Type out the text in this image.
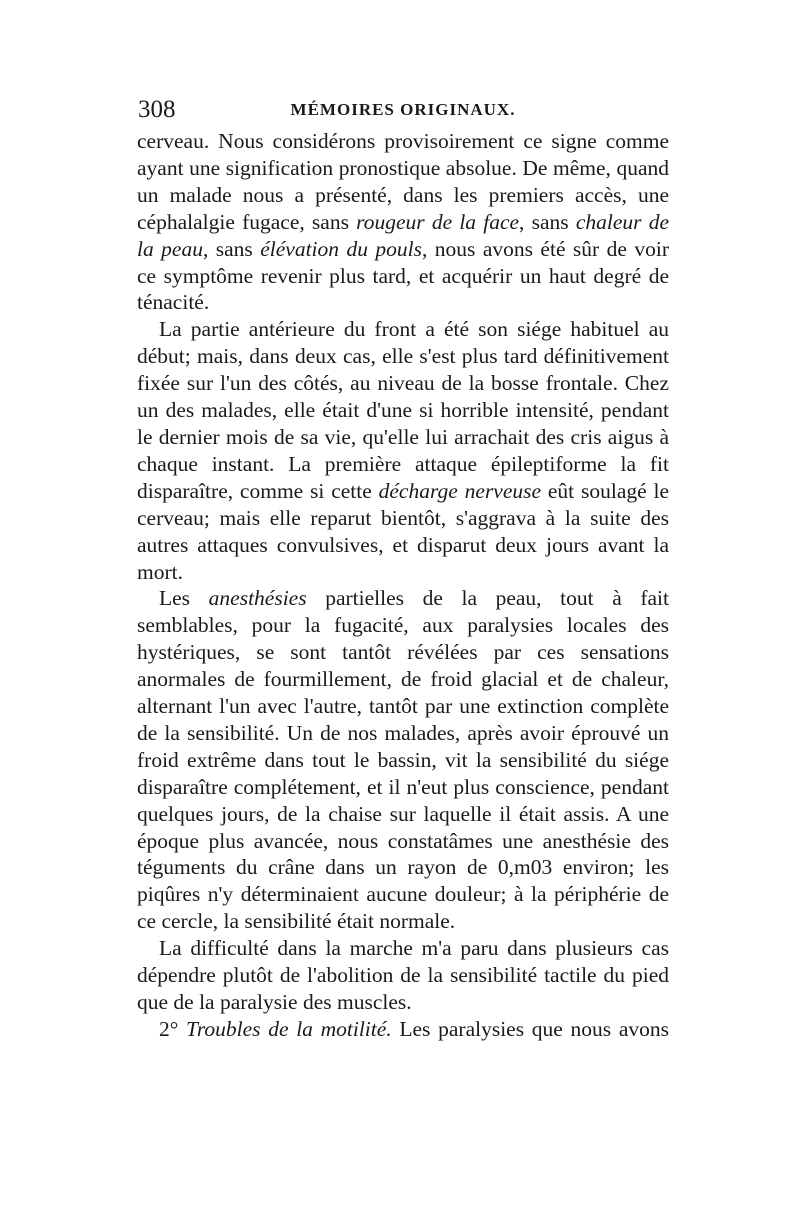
308	MÉMOIRES ORIGINAUX.

cerveau. Nous considérons provisoirement ce signe comme ayant une signification pronostique absolue. De même, quand un malade nous a présenté, dans les premiers accès, une céphalalgie fugace, sans rougeur de la face, sans chaleur de la peau, sans élévation du pouls, nous avons été sûr de voir ce symptôme revenir plus tard, et acquérir un haut degré de ténacité.

La partie antérieure du front a été son siége habituel au début; mais, dans deux cas, elle s'est plus tard définitivement fixée sur l'un des côtés, au niveau de la bosse frontale. Chez un des malades, elle était d'une si horrible intensité, pendant le dernier mois de sa vie, qu'elle lui arrachait des cris aigus à chaque instant. La première attaque épileptiforme la fit disparaître, comme si cette décharge nerveuse eût soulagé le cerveau; mais elle reparut bientôt, s'aggrava à la suite des autres attaques convulsives, et disparut deux jours avant la mort.

Les anesthésies partielles de la peau, tout à fait semblables, pour la fugacité, aux paralysies locales des hystériques, se sont tantôt révélées par ces sensations anormales de fourmillement, de froid glacial et de chaleur, alternant l'un avec l'autre, tantôt par une extinction complète de la sensibilité. Un de nos malades, après avoir éprouvé un froid extrême dans tout le bassin, vit la sensibilité du siége disparaître complétement, et il n'eut plus conscience, pendant quelques jours, de la chaise sur laquelle il était assis. A une époque plus avancée, nous constatâmes une anesthésie des téguments du crâne dans un rayon de 0,m03 environ; les piqûres n'y déterminaient aucune douleur; à la périphérie de ce cercle, la sensibilité était normale.

La difficulté dans la marche m'a paru dans plusieurs cas dépendre plutôt de l'abolition de la sensibilité tactile du pied que de la paralysie des muscles.

2° Troubles de la motilité. Les paralysies que nous avons
